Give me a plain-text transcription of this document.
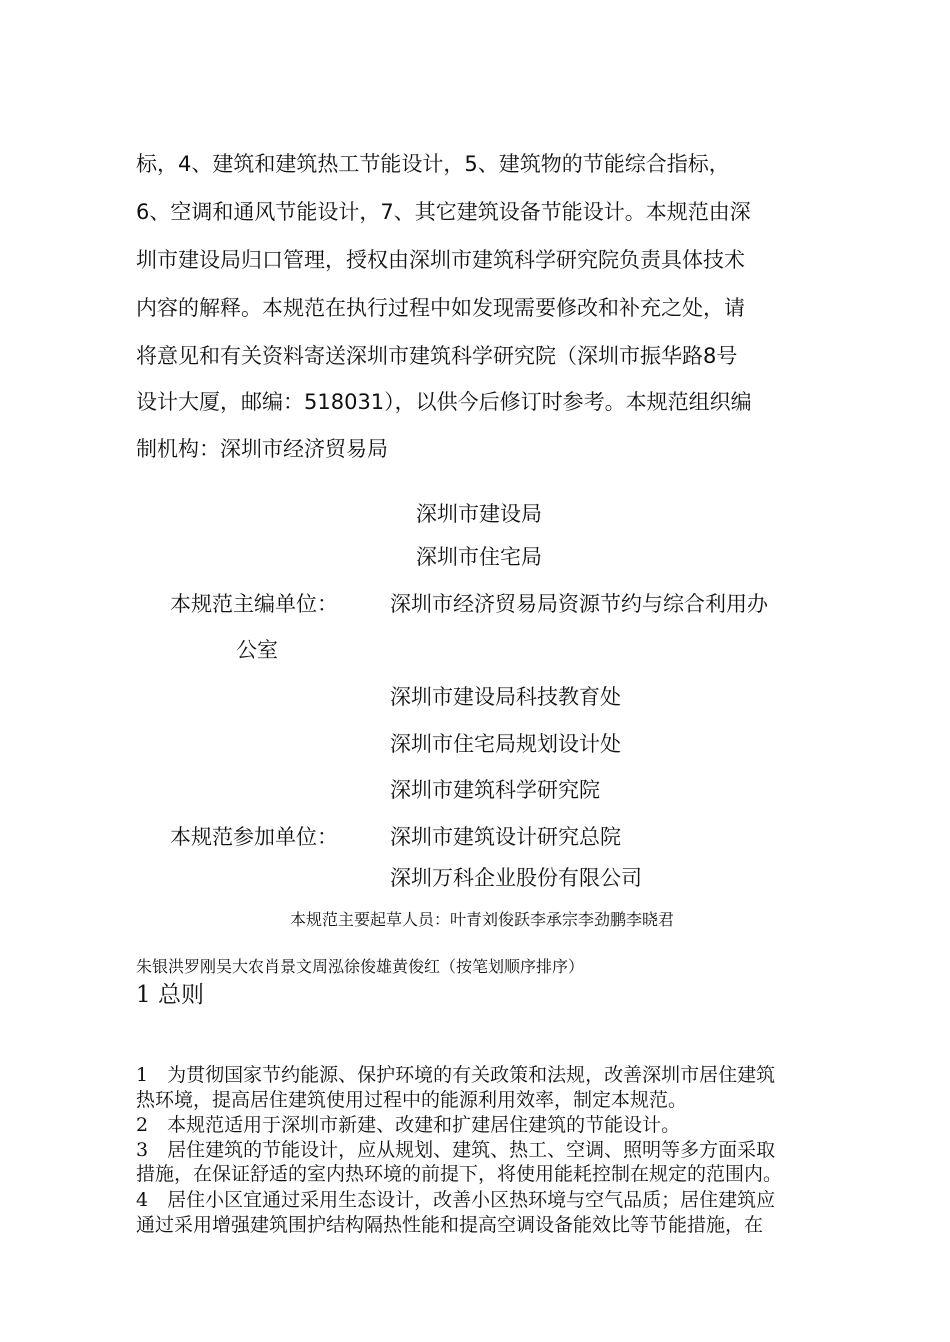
标，4、建筑和建筑热工节能设计，5、建筑物的节能综合指标，
6、空调和通风节能设计，7、其它建筑设备节能设计。本规范由深
圳市建设局归口管理，授权由深圳市建筑科学研究院负责具体技术
内容的解释。本规范在执行过程中如发现需要修改和补充之处，请
将意见和有关资料寄送深圳市建筑科学研究院（深圳市振华路8号
设计大厦，邮编：518031），以供今后修订时参考。本规范组织编
制机构：深圳市经济贸易局
深圳市建设局
深圳市住宅局
本规范主编单位： 深圳市经济贸易局资源节约与综合利用办
公室
深圳市建设局科技教育处
深圳市住宅局规划设计处
深圳市建筑科学研究院
本规范参加单位： 深圳市建筑设计研究总院
深圳万科企业股份有限公司
本规范主要起草人员：叶青刘俊跃李承宗李劲鹏李晓君
朱银洪罗刚吴大农肖景文周泓徐俊雄黄俊红（按笔划顺序排序）
1 总则
1　为贯彻国家节约能源、保护环境的有关政策和法规，改善深圳市居住建筑
热环境，提高居住建筑使用过程中的能源利用效率，制定本规范。
2　本规范适用于深圳市新建、改建和扩建居住建筑的节能设计。
3　居住建筑的节能设计，应从规划、建筑、热工、空调、照明等多方面采取
措施，在保证舒适的室内热环境的前提下，将使用能耗控制在规定的范围内。
4　居住小区宜通过采用生态设计，改善小区热环境与空气品质；居住建筑应
通过采用增强建筑围护结构隔热性能和提高空调设备能效比等节能措施，在
